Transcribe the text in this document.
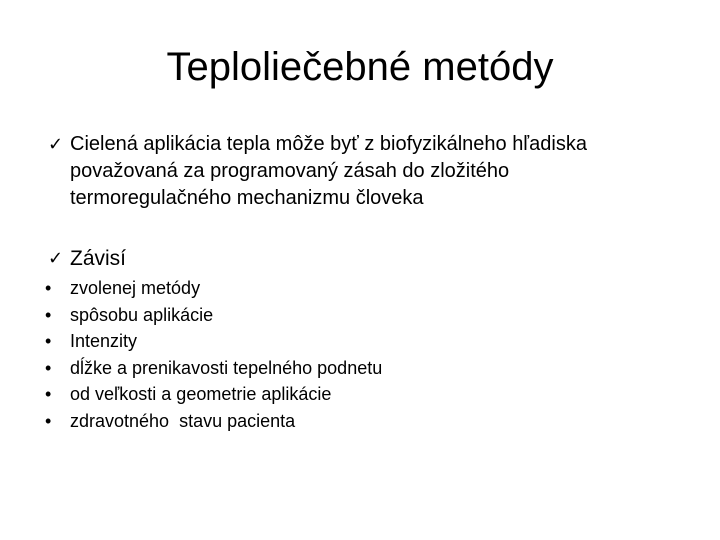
Teploliečebné metódy
✓ Cielená aplikácia tepla môže byť z biofyzikálneho hľadiska považovaná za programovaný zásah do zložitého termoregulačného mechanizmu človeka
✓ Závisí
•	zvolenej metódy
•	spôsobu aplikácie
•	Intenzity
•	dĺžke a prenikavosti tepelného podnetu
•	od veľkosti a geometrie aplikácie
•	zdravotného  stavu pacienta
